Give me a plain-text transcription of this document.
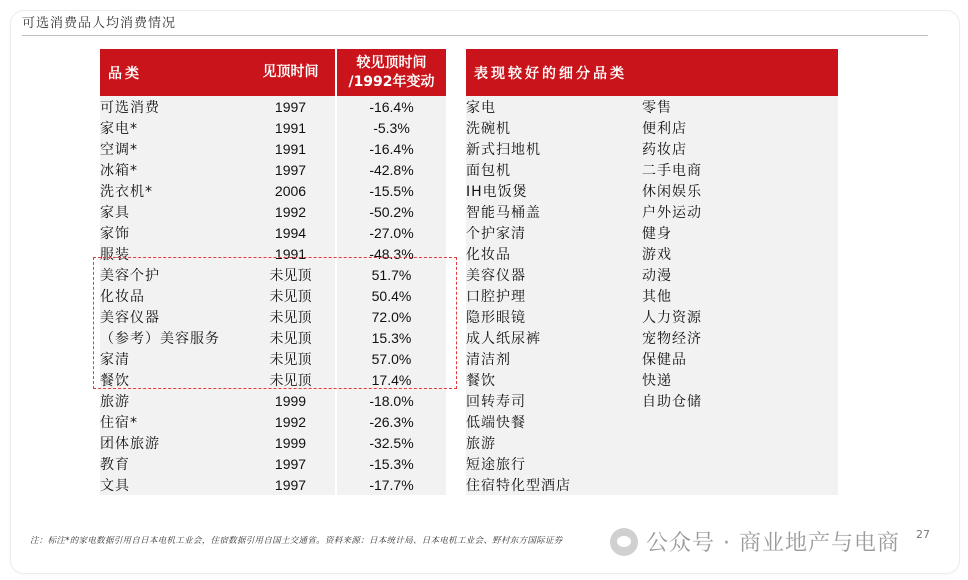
可选消费品人均消费情况
品类	见顶时间	较见顶时间
/1992年变动

可选消费	1997	-16.4%
家电*	1991	-5.3%
空调*	1991	-16.4%
冰箱*	1997	-42.8%
洗衣机*	2006	-15.5%
家具	1992	-50.2%
家饰	1994	-27.0%
服装	1991	-48.3%
美容个护	未见顶	51.7%
化妆品	未见顶	50.4%
美容仪器	未见顶	72.0%
（参考）美容服务	未见顶	15.3%
家清	未见顶	57.0%
餐饮	未见顶	17.4%
旅游	1999	-18.0%
住宿*	1992	-26.3%
团体旅游	1999	-32.5%
教育	1997	-15.3%
文具	1997	-17.7%
表现较好的细分品类	
家电	零售
洗碗机	便利店
新式扫地机	药妆店
面包机	二手电商
IH电饭煲	休闲娱乐
智能马桶盖	户外运动
个护家清	健身
化妆品	游戏
美容仪器	动漫
口腔护理	其他
隐形眼镜	人力资源
成人纸尿裤	宠物经济
清洁剂	保健品
餐饮	快递
回转寿司	自助仓储
低端快餐	
旅游	
短途旅行	
住宿特化型酒店	
注：标注*的家电数据引用自日本电机工业会，住宿数据引用自国土交通省。资料来源：日本统计局、日本电机工业会、野村东方国际证券	公众号 · 商业地产与电商 27
